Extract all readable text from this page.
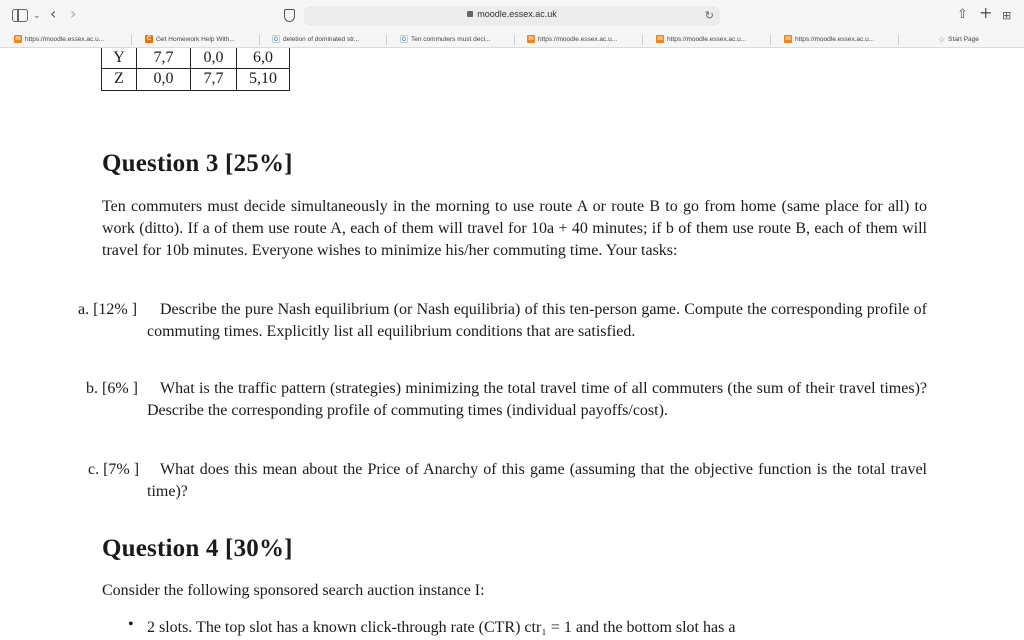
⌄ ‹ ›	moodle.essex.ac.uk	↻	⇧ + ⊞
m https://moodle.essex.ac.u...	C Get Homework Help With...	G deletion of dominated str...	G Ten commuters must deci...	m https://moodle.essex.ac.u...	m https://moodle.essex.ac.u...	m https://moodle.essex.ac.u...	☆ Start Page
Y	7,7	0,0	6,0
Z	0,0	7,7	5,10
Question 3 [25%]
Ten commuters must decide simultaneously in the morning to use route A or route B to go from home (same place for all) to work (ditto). If a of them use route A, each of them will travel for 10a + 40 minutes; if b of them use route B, each of them will travel for 10b minutes. Everyone wishes to minimize his/her commuting time. Your tasks:
a. [12% ]	Describe the pure Nash equilibrium (or Nash equilibria) of this ten-person game. Compute the corresponding profile of commuting times. Explicitly list all equilibrium conditions that are satisfied.
b. [6% ]	What is the traffic pattern (strategies) minimizing the total travel time of all commuters (the sum of their travel times)? Describe the corresponding profile of commuting times (individual payoffs/cost).
c. [7% ]	What does this mean about the Price of Anarchy of this game (assuming that the objective function is the total travel time)?
Question 4 [30%]
Consider the following sponsored search auction instance I:
• 2 slots. The top slot has a known click-through rate (CTR) ctr₁ = 1 and the bottom slot has a
